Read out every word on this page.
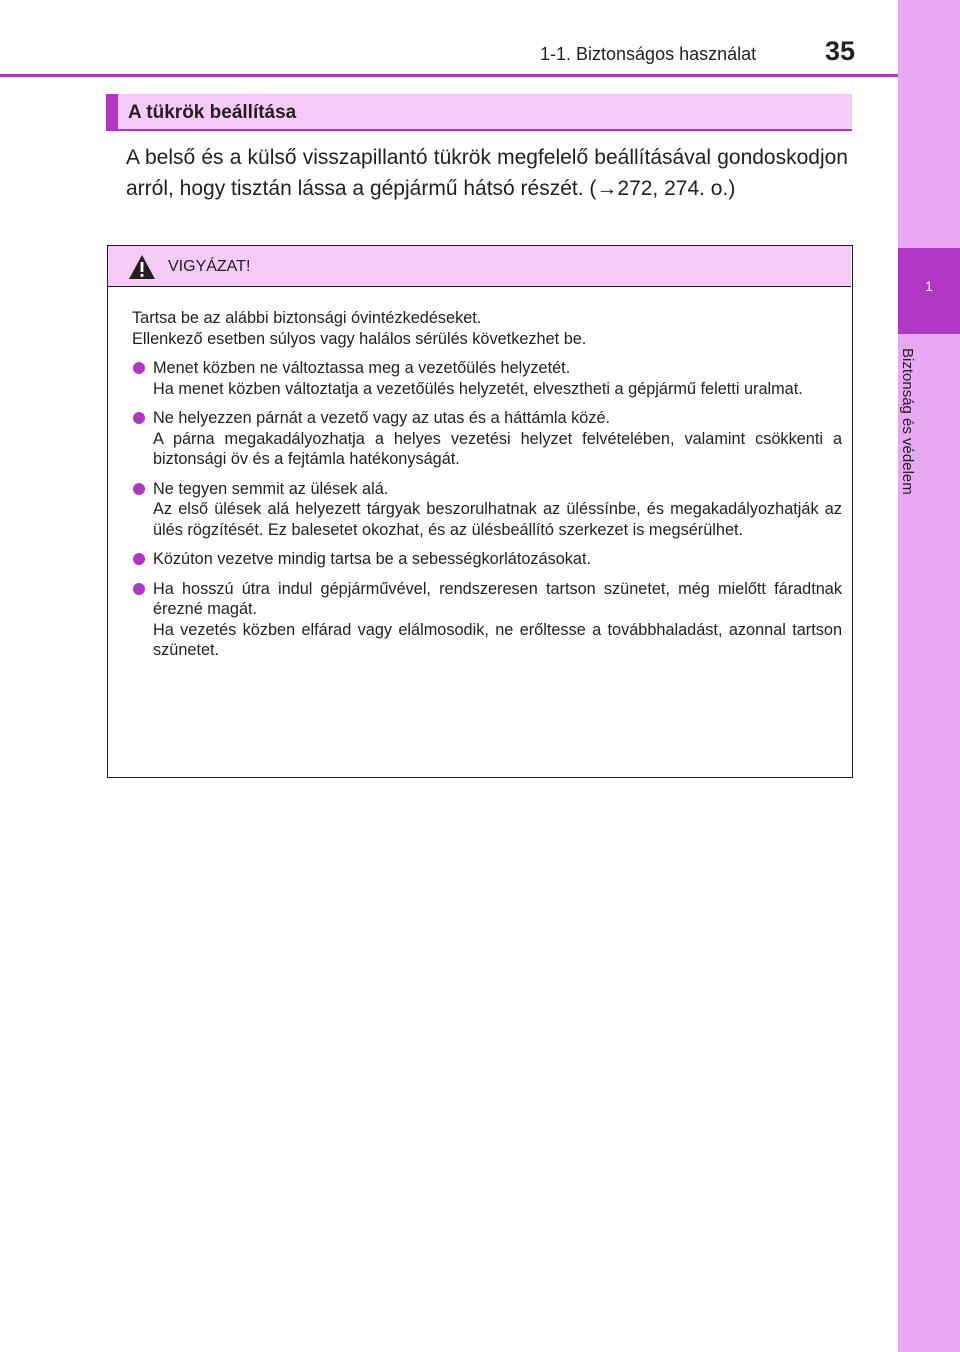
1
Biztonság és védelem
1-1. Biztonságos használat	35
A tükrök beállítása
A belső és a külső visszapillantó tükrök megfelelő beállításával gondoskodjon arról, hogy tisztán lássa a gépjármű hátsó részét. (→272, 274. o.)
VIGYÁZAT!

Tartsa be az alábbi biztonsági óvintézkedéseket.

Ellenkező esetben súlyos vagy halálos sérülés következhet be.

Menet közben ne változtassa meg a vezetőülés helyzetét.
Ha menet közben változtatja a vezetőülés helyzetét, elvesztheti a gépjármű feletti uralmat.
Ne helyezzen párnát a vezető vagy az utas és a háttámla közé.
A párna megakadályozhatja a helyes vezetési helyzet felvételében, valamint csökkenti a biztonsági öv és a fejtámla hatékonyságát.
Ne tegyen semmit az ülések alá.
Az első ülések alá helyezett tárgyak beszorulhatnak az üléssínbe, és megakadályozhatják az ülés rögzítését. Ez balesetet okozhat, és az ülésbeállító szerkezet is megsérülhet.
Közúton vezetve mindig tartsa be a sebességkorlátozásokat.
Ha hosszú útra indul gépjárművével, rendszeresen tartson szünetet, még mielőtt fáradtnak érezné magát.
Ha vezetés közben elfárad vagy elálmosodik, ne erőltesse a továbbhaladást, azonnal tartson szünetet.
